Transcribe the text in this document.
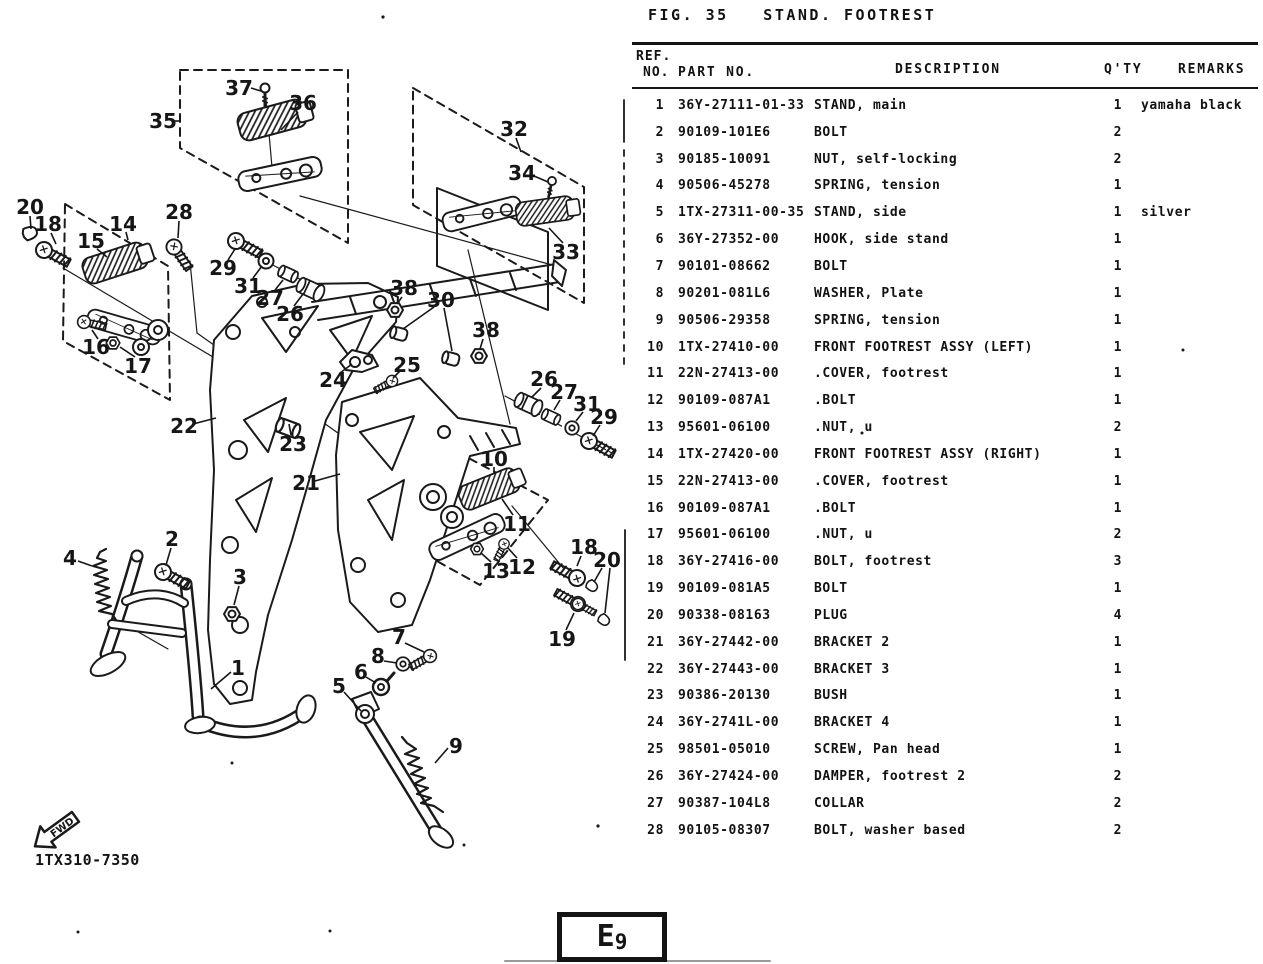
FWD
37
36
35	32
34
33
20
18 14
15
28
29
31
27
26
38 30
38
25
24	26
27
31
29
16
17
22
23
21
10
11
13
12
18
20
19
2
4
3
1
7
8
6
5
9
FIG. 35   STAND. FOOTREST
REF.
NO. PART NO.	DESCRIPTION	Q'TY	REMARKS
1	36Y-27111-01-33 STAND, main	1	yamaha black
2	90109-101E6	BOLT	2
3	90185-10091	NUT, self-locking	2
4	90506-45278	SPRING, tension	1
5	1TX-27311-00-35 STAND, side	1	silver
6	36Y-27352-00	HOOK, side stand	1
7	90101-08662	BOLT	1
8	90201-081L6	WASHER, Plate	1
9	90506-29358	SPRING, tension	1
10	1TX-27410-00	FRONT FOOTREST ASSY (LEFT)	1
11	22N-27413-00	.COVER, footrest	1
12	90109-087A1	.BOLT	1
13	95601-06100	.NUT, u	2
14	1TX-27420-00	FRONT FOOTREST ASSY (RIGHT)	1
15	22N-27413-00	.COVER, footrest	1
16	90109-087A1	.BOLT	1
17	95601-06100	.NUT, u	2
18	36Y-27416-00	BOLT, footrest	3
19	90109-081A5	BOLT	1
20	90338-08163	PLUG	4
21	36Y-27442-00	BRACKET 2	1
22	36Y-27443-00	BRACKET 3	1
23	90386-20130	BUSH	1
24	36Y-2741L-00	BRACKET 4	1
25	98501-05010	SCREW, Pan head	1
26	36Y-27424-00	DAMPER, footrest 2	2
27	90387-104L8	COLLAR	2
28	90105-08307	BOLT, washer based	2
1TX310-7350
E 9
